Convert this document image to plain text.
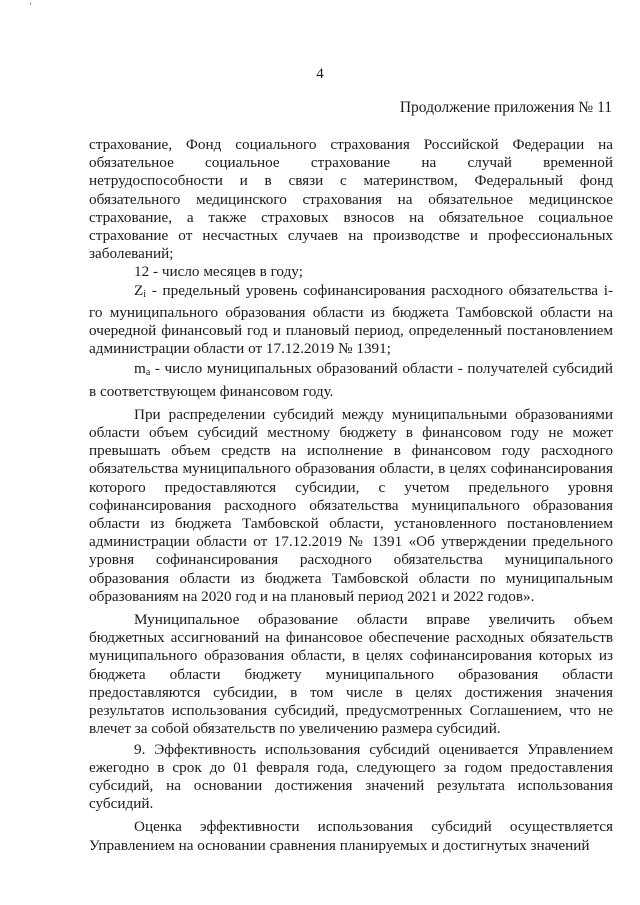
4
Продолжение приложения № 11

страхование, Фонд социального страхования Российской Федерации на обязательное социальное страхование на случай временной нетрудоспособности и в связи с материнством, Федеральный фонд обязательного медицинского страхования на обязательное медицинское страхование, а также страховых взносов на обязательное социальное страхование от несчастных случаев на производстве и профессиональных заболеваний;

12 - число месяцев в году;

Zi - предельный уровень софинансирования расходного обязательства i-го муниципального образования области из бюджета Тамбовской области на очередной финансовый год и плановый период, определенный постановлением администрации области от 17.12.2019 № 1391;

ma - число муниципальных образований области - получателей субсидий в соответствующем финансовом году.

При распределении субсидий между муниципальными образованиями области объем субсидий местному бюджету в финансовом году не может превышать объем средств на исполнение в финансовом году расходного обязательства муниципального образования области, в целях софинансирования которого предоставляются субсидии, с учетом предельного уровня софинансирования расходного обязательства муниципального образования области из бюджета Тамбовской области, установленного постановлением администрации области от 17.12.2019 № 1391 «Об утверждении предельного уровня софинансирования расходного обязательства муниципального образования области из бюджета Тамбовской области по муниципальным образованиям на 2020 год и на плановый период 2021 и 2022 годов».

Муниципальное образование области вправе увеличить объем бюджетных ассигнований на финансовое обеспечение расходных обязательств муниципального образования области, в целях софинансирования которых из бюджета области бюджету муниципального образования области предоставляются субсидии, в том числе в целях достижения значения результатов использования субсидий, предусмотренных Соглашением, что не влечет за собой обязательств по увеличению размера субсидий.

9. Эффективность использования субсидий оценивается Управлением ежегодно в срок до 01 февраля года, следующего за годом предоставления субсидий, на основании достижения значений результата использования субсидий.

Оценка эффективности использования субсидий осуществляется Управлением на основании сравнения планируемых и достигнутых значений
